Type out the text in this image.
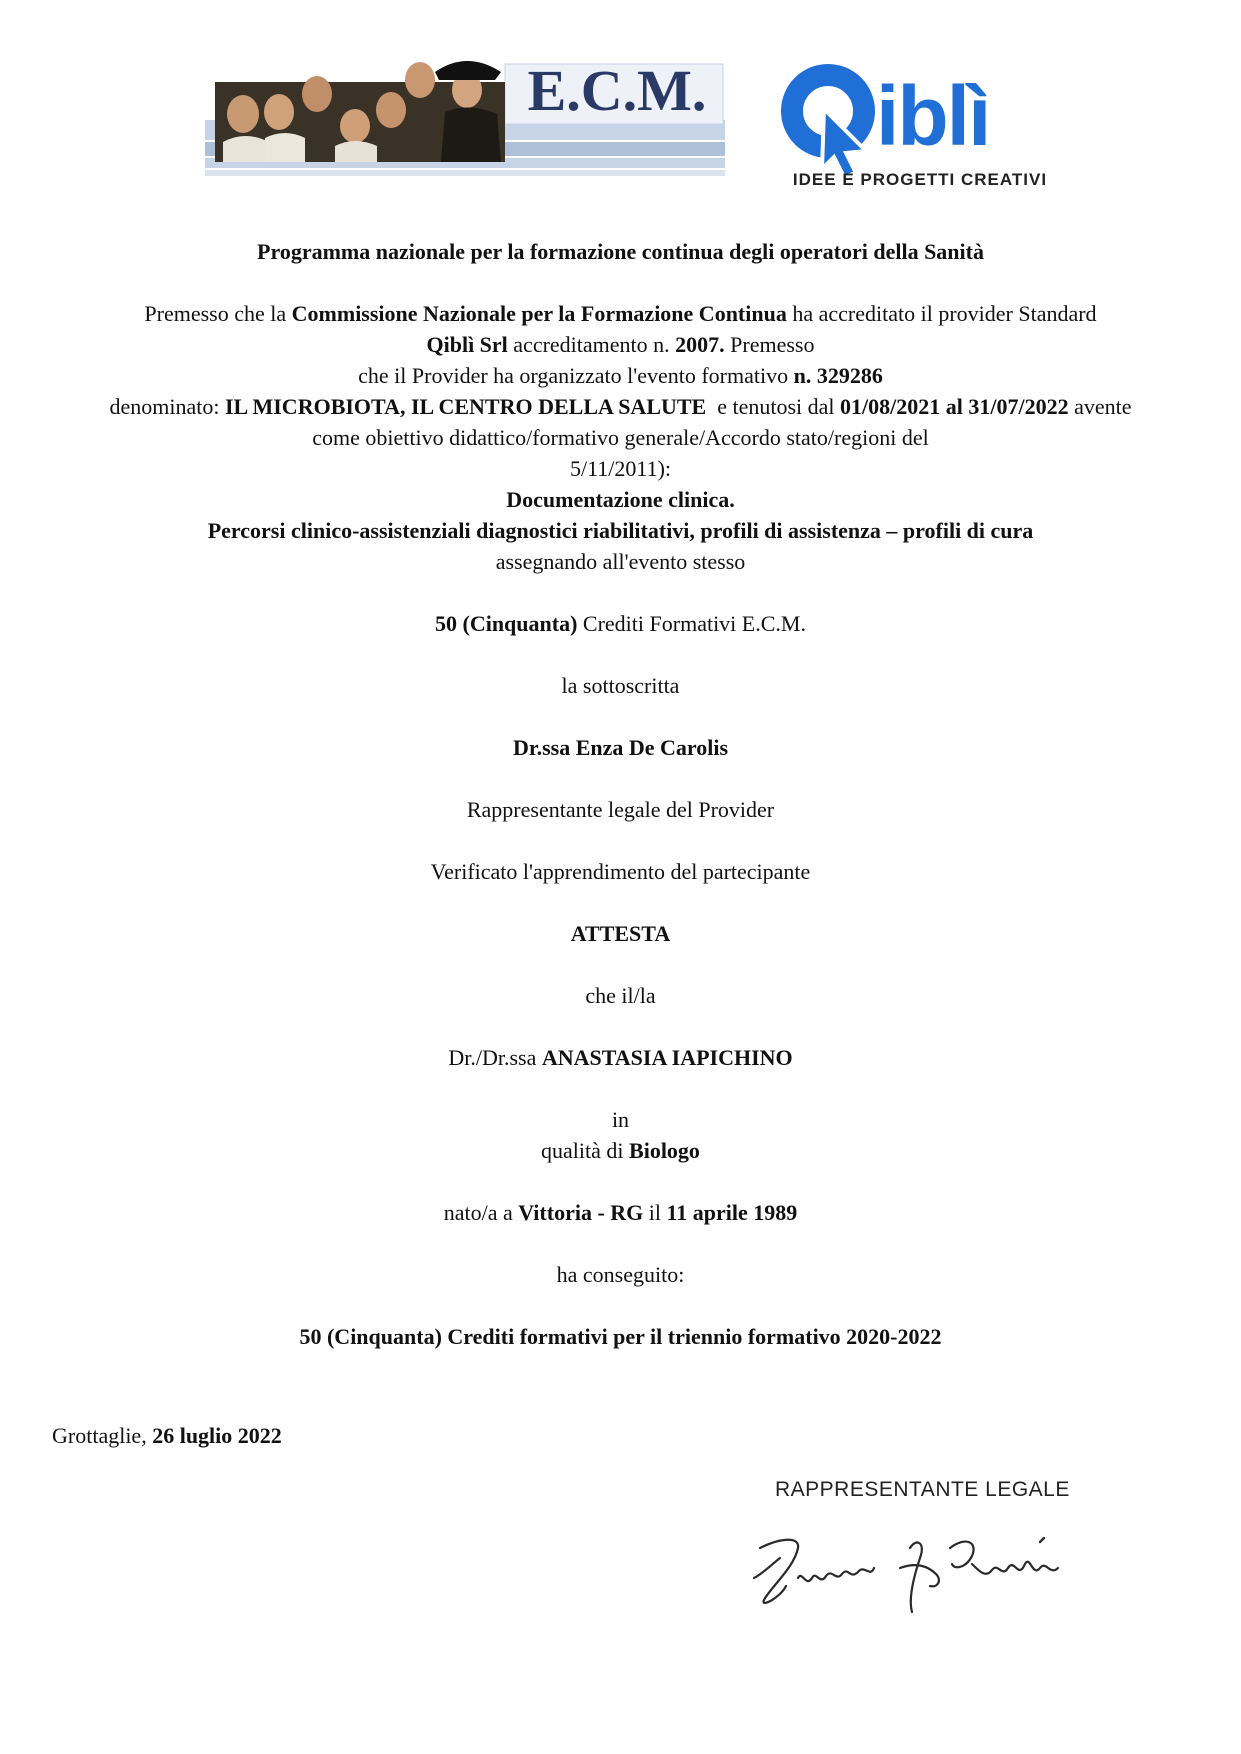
E.C.M. iblì
IDEE E PROGETTI CREATIVI

Programma nazionale per la formazione continua degli operatori della Sanità

Premesso che la Commissione Nazionale per la Formazione Continua ha accreditato il provider Standard

Qiblì Srl accreditamento n. 2007. Premesso

che il Provider ha organizzato l'evento formativo n. 329286

denominato: IL MICROBIOTA, IL CENTRO DELLA SALUTE  e tenutosi dal 01/08/2021 al 31/07/2022 avente

come obiettivo didattico/formativo generale/Accordo stato/regioni del

5/11/2011):

Documentazione clinica.

Percorsi clinico-assistenziali diagnostici riabilitativi, profili di assistenza – profili di cura

assegnando all'evento stesso

50 (Cinquanta) Crediti Formativi E.C.M.

la sottoscritta

Dr.ssa Enza De Carolis

Rappresentante legale del Provider

Verificato l'apprendimento del partecipante

ATTESTA

che il/la

Dr./Dr.ssa ANASTASIA IAPICHINO

in

qualità di Biologo

nato/a a Vittoria - RG il 11 aprile 1989

ha conseguito:

50 (Cinquanta) Crediti formativi per il triennio formativo 2020-2022

Grottaglie, 26 luglio 2022
RAPPRESENTANTE LEGALE
